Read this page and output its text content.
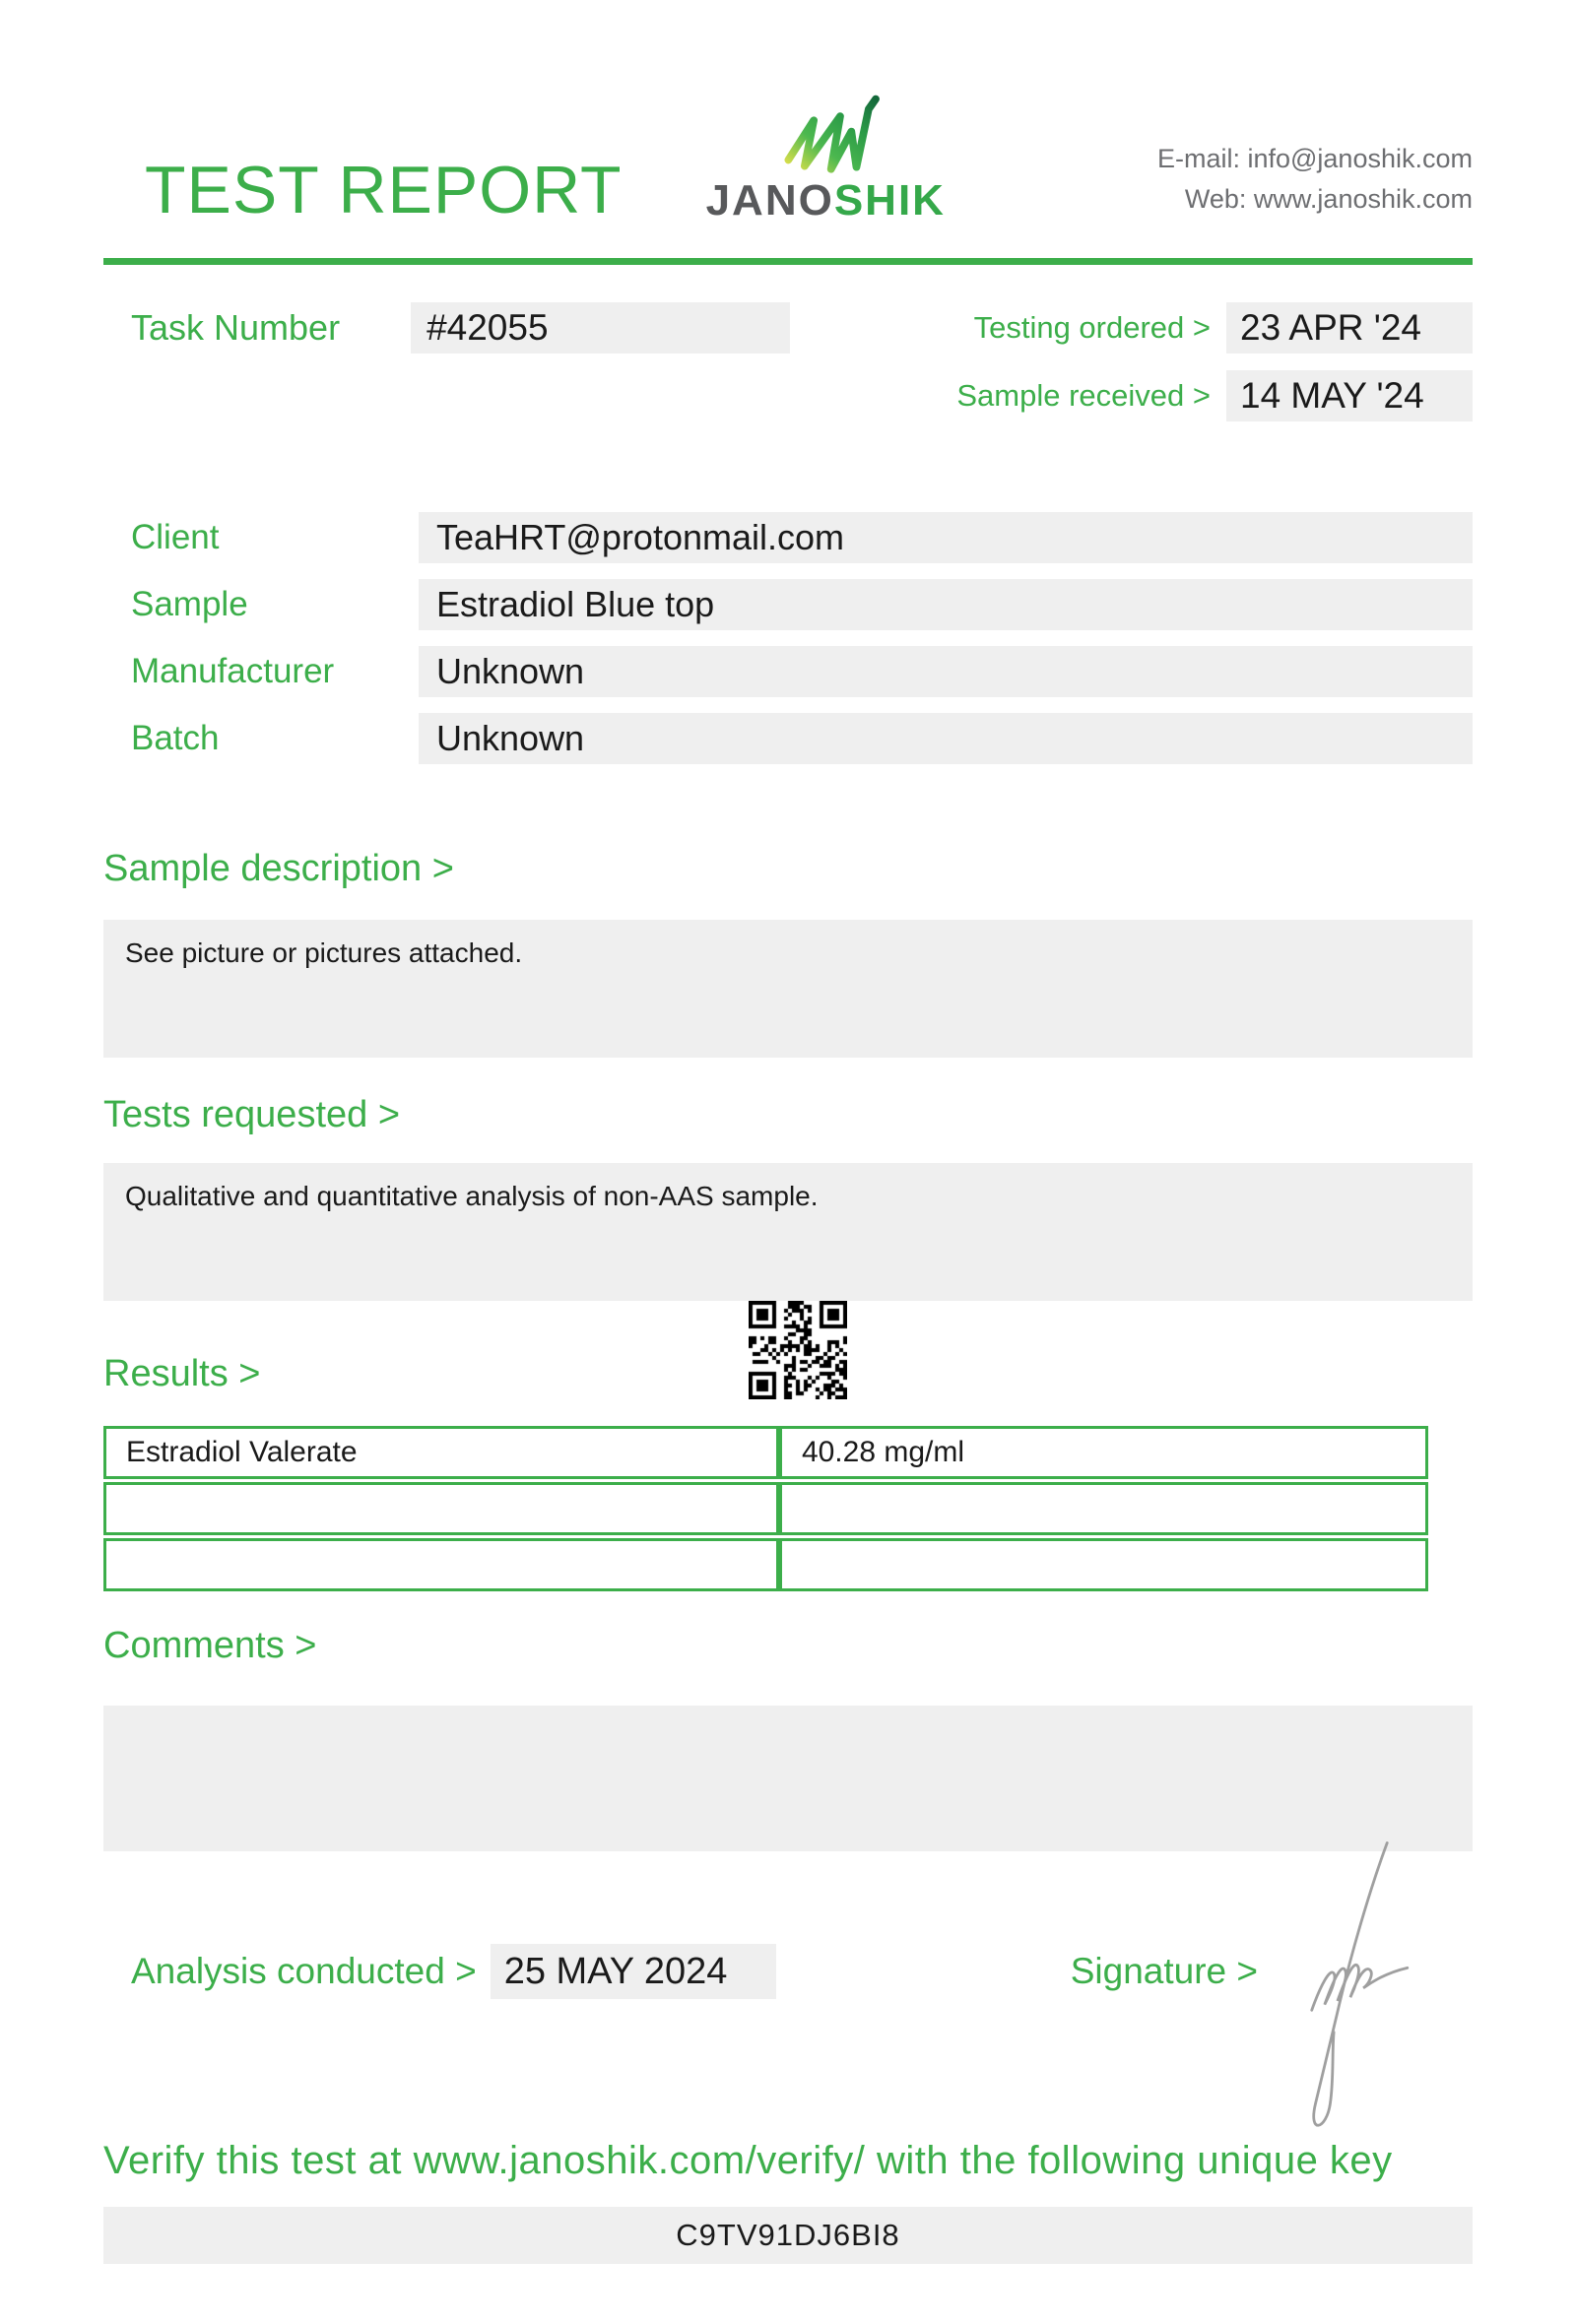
TEST REPORT JANOSHIK
E-mail: info@janoshik.com
Web: www.janoshik.com
Task Number	#42055	Testing ordered > 23 APR '24
Sample received > 14 MAY '24
Client	TeaHRT@protonmail.com
Sample	Estradiol Blue top
Manufacturer	Unknown
Batch	Unknown
Sample description >
See picture or pictures attached.
Tests requested >
Qualitative and quantitative analysis of non-AAS sample.
Results >
Estradiol Valerate	40.28 mg/ml

Comments >
Analysis conducted > 25 MAY 2024	Signature >
Verify this test at www.janoshik.com/verify/ with the following unique key
C9TV91DJ6BI8
